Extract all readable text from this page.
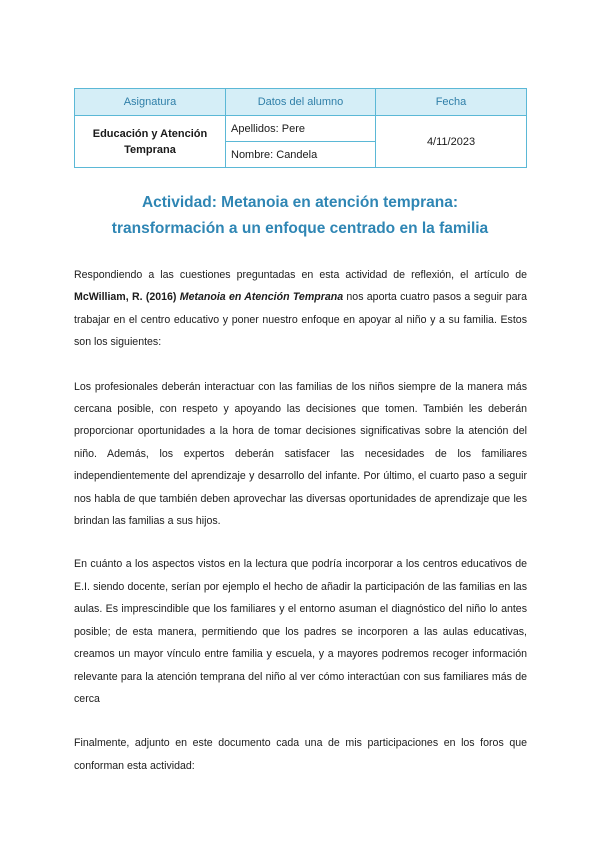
Asignatura	Datos del alumno	Fecha
Educación y Atención Temprana	Apellidos: Pere	4/11/2023
	Nombre: Candela	
Actividad: Metanoia en atención temprana:
transformación a un enfoque centrado en la familia

Respondiendo a las cuestiones preguntadas en esta actividad de reflexión, el artículo de McWilliam, R. (2016) Metanoia en Atención Temprana nos aporta cuatro pasos a seguir para trabajar en el centro educativo y poner nuestro enfoque en apoyar al niño y a su familia. Estos son los siguientes:

Los profesionales deberán interactuar con las familias de los niños siempre de la manera más cercana posible, con respeto y apoyando las decisiones que tomen. También les deberán proporcionar oportunidades a la hora de tomar decisiones significativas sobre la atención del niño. Además, los expertos deberán satisfacer las necesidades de los familiares independientemente del aprendizaje y desarrollo del infante. Por último, el cuarto paso a seguir nos habla de que también deben aprovechar las diversas oportunidades de aprendizaje que les brindan las familias a sus hijos.

En cuánto a los aspectos vistos en la lectura que podría incorporar a los centros educativos de E.I. siendo docente, serían por ejemplo el hecho de añadir la participación de las familias en las aulas. Es imprescindible que los familiares y el entorno asuman el diagnóstico del niño lo antes posible; de esta manera, permitiendo que los padres se incorporen a las aulas educativas, creamos un mayor vínculo entre familia y escuela, y a mayores podremos recoger información relevante para la atención temprana del niño al ver cómo interactúan con sus familiares más de cerca

Finalmente, adjunto en este documento cada una de mis participaciones en los foros que conforman esta actividad:
